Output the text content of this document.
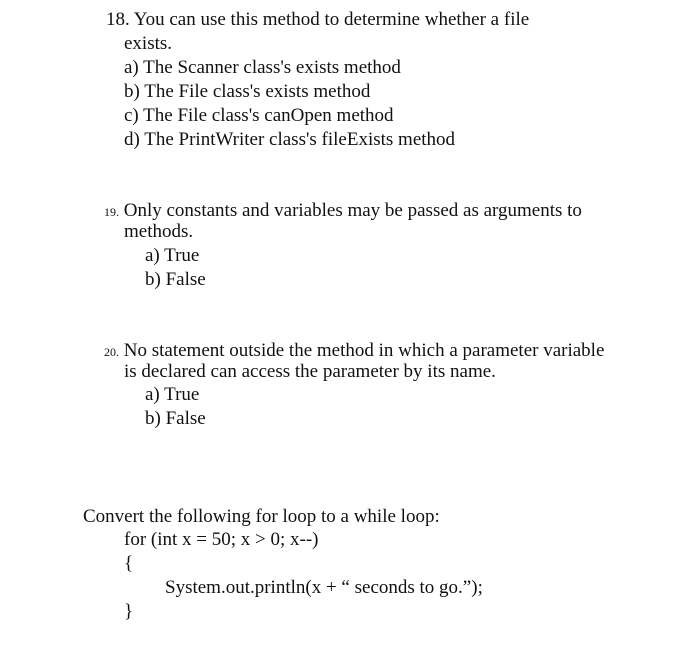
18. You can use this method to determine whether a file
exists.
a) The Scanner class's exists method
b) The File class's exists method
c) The File class's canOpen method
d) The PrintWriter class's fileExists method
19. Only constants and variables may be passed as arguments to
methods.
a) True
b) False
20. No statement outside the method in which a parameter variable
is declared can access the parameter by its name.
a) True
b) False
Convert the following for loop to a while loop:
for (int x = 50; x > 0; x--)
{
System.out.println(x + “ seconds to go.”);
}
